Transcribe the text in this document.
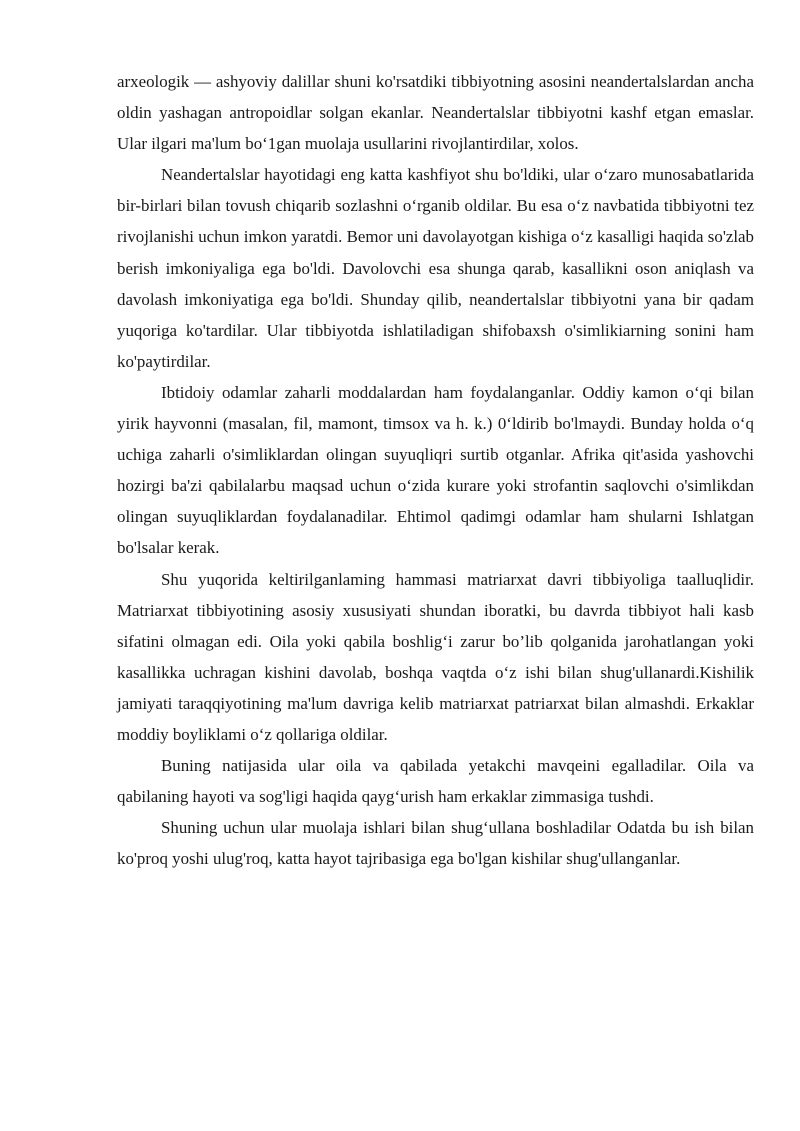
arxeologik — ashyoviy dalillar shuni ko'rsatdiki tibbiyotning asosini neandertalslardan ancha oldin yashagan antropoidlar solgan ekanlar. Neandertalslar tibbiyotni kashf etgan emaslar. Ular ilgari ma'lum bo‘1gan muolaja usullarini rivojlantirdilar, xolos.

Neandertalslar hayotidagi eng katta kashfiyot shu bo'ldiki, ular o‘zaro munosabatlarida bir-birlari bilan tovush chiqarib sozlashni o‘rganib oldilar. Bu esa o‘z navbatida tibbiyotni tez rivojlanishi uchun imkon yaratdi. Bemor uni davolayotgan kishiga o‘z kasalligi haqida so'zlab berish imkoniyaliga ega bo'ldi. Davolovchi esa shunga qarab, kasallikni oson aniqlash va davolash imkoniyatiga ega bo'ldi. Shunday qilib, neandertalslar tibbiyotni yana bir qadam yuqoriga ko'tardilar. Ular tibbiyotda ishlatiladigan shifobaxsh o'simlikiarning sonini ham ko'paytirdilar.

Ibtidoiy odamlar zaharli moddalardan ham foydalanganlar. Oddiy kamon o‘qi bilan yirik hayvonni (masalan, fil, mamont, timsox va h. k.) 0‘ldirib bo'lmaydi. Bunday holda o‘q uchiga zaharli o'simliklardan olingan suyuqliqri surtib otganlar. Afrika qit'asida yashovchi hozirgi ba'zi qabilalarbu maqsad uchun o‘zida kurare yoki strofantin saqlovchi o'simlikdan olingan suyuqliklardan foydalanadilar. Ehtimol qadimgi odamlar ham shularni Ishlatgan bo'lsalar kerak.

Shu yuqorida keltirilganlaming hammasi matriarxat davri tibbiyoliga taalluqlidir. Matriarxat tibbiyotining asosiy xususiyati shundan iboratki, bu davrda tibbiyot hali kasb sifatini olmagan edi. Oila yoki qabila boshlig‘i zarur bo’lib qolganida jarohatlangan yoki kasallikka uchragan kishini davolab, boshqa vaqtda o‘z ishi bilan shug'ullanardi.Kishilik jamiyati taraqqiyotining ma'lum davriga kelib matriarxat patriarxat bilan almashdi. Erkaklar moddiy boyliklami o‘z qollariga oldilar.

Buning natijasida ular oila va qabilada yetakchi mavqeini egalladilar. Oila va qabilaning hayoti va sog'ligi haqida qayg‘urish ham erkaklar zimmasiga tushdi.

Shuning uchun ular muolaja ishlari bilan shug‘ullana boshladilar Odatda bu ish bilan ko'proq yoshi ulug'roq, katta hayot tajribasiga ega bo'lgan kishilar shug'ullanganlar.
